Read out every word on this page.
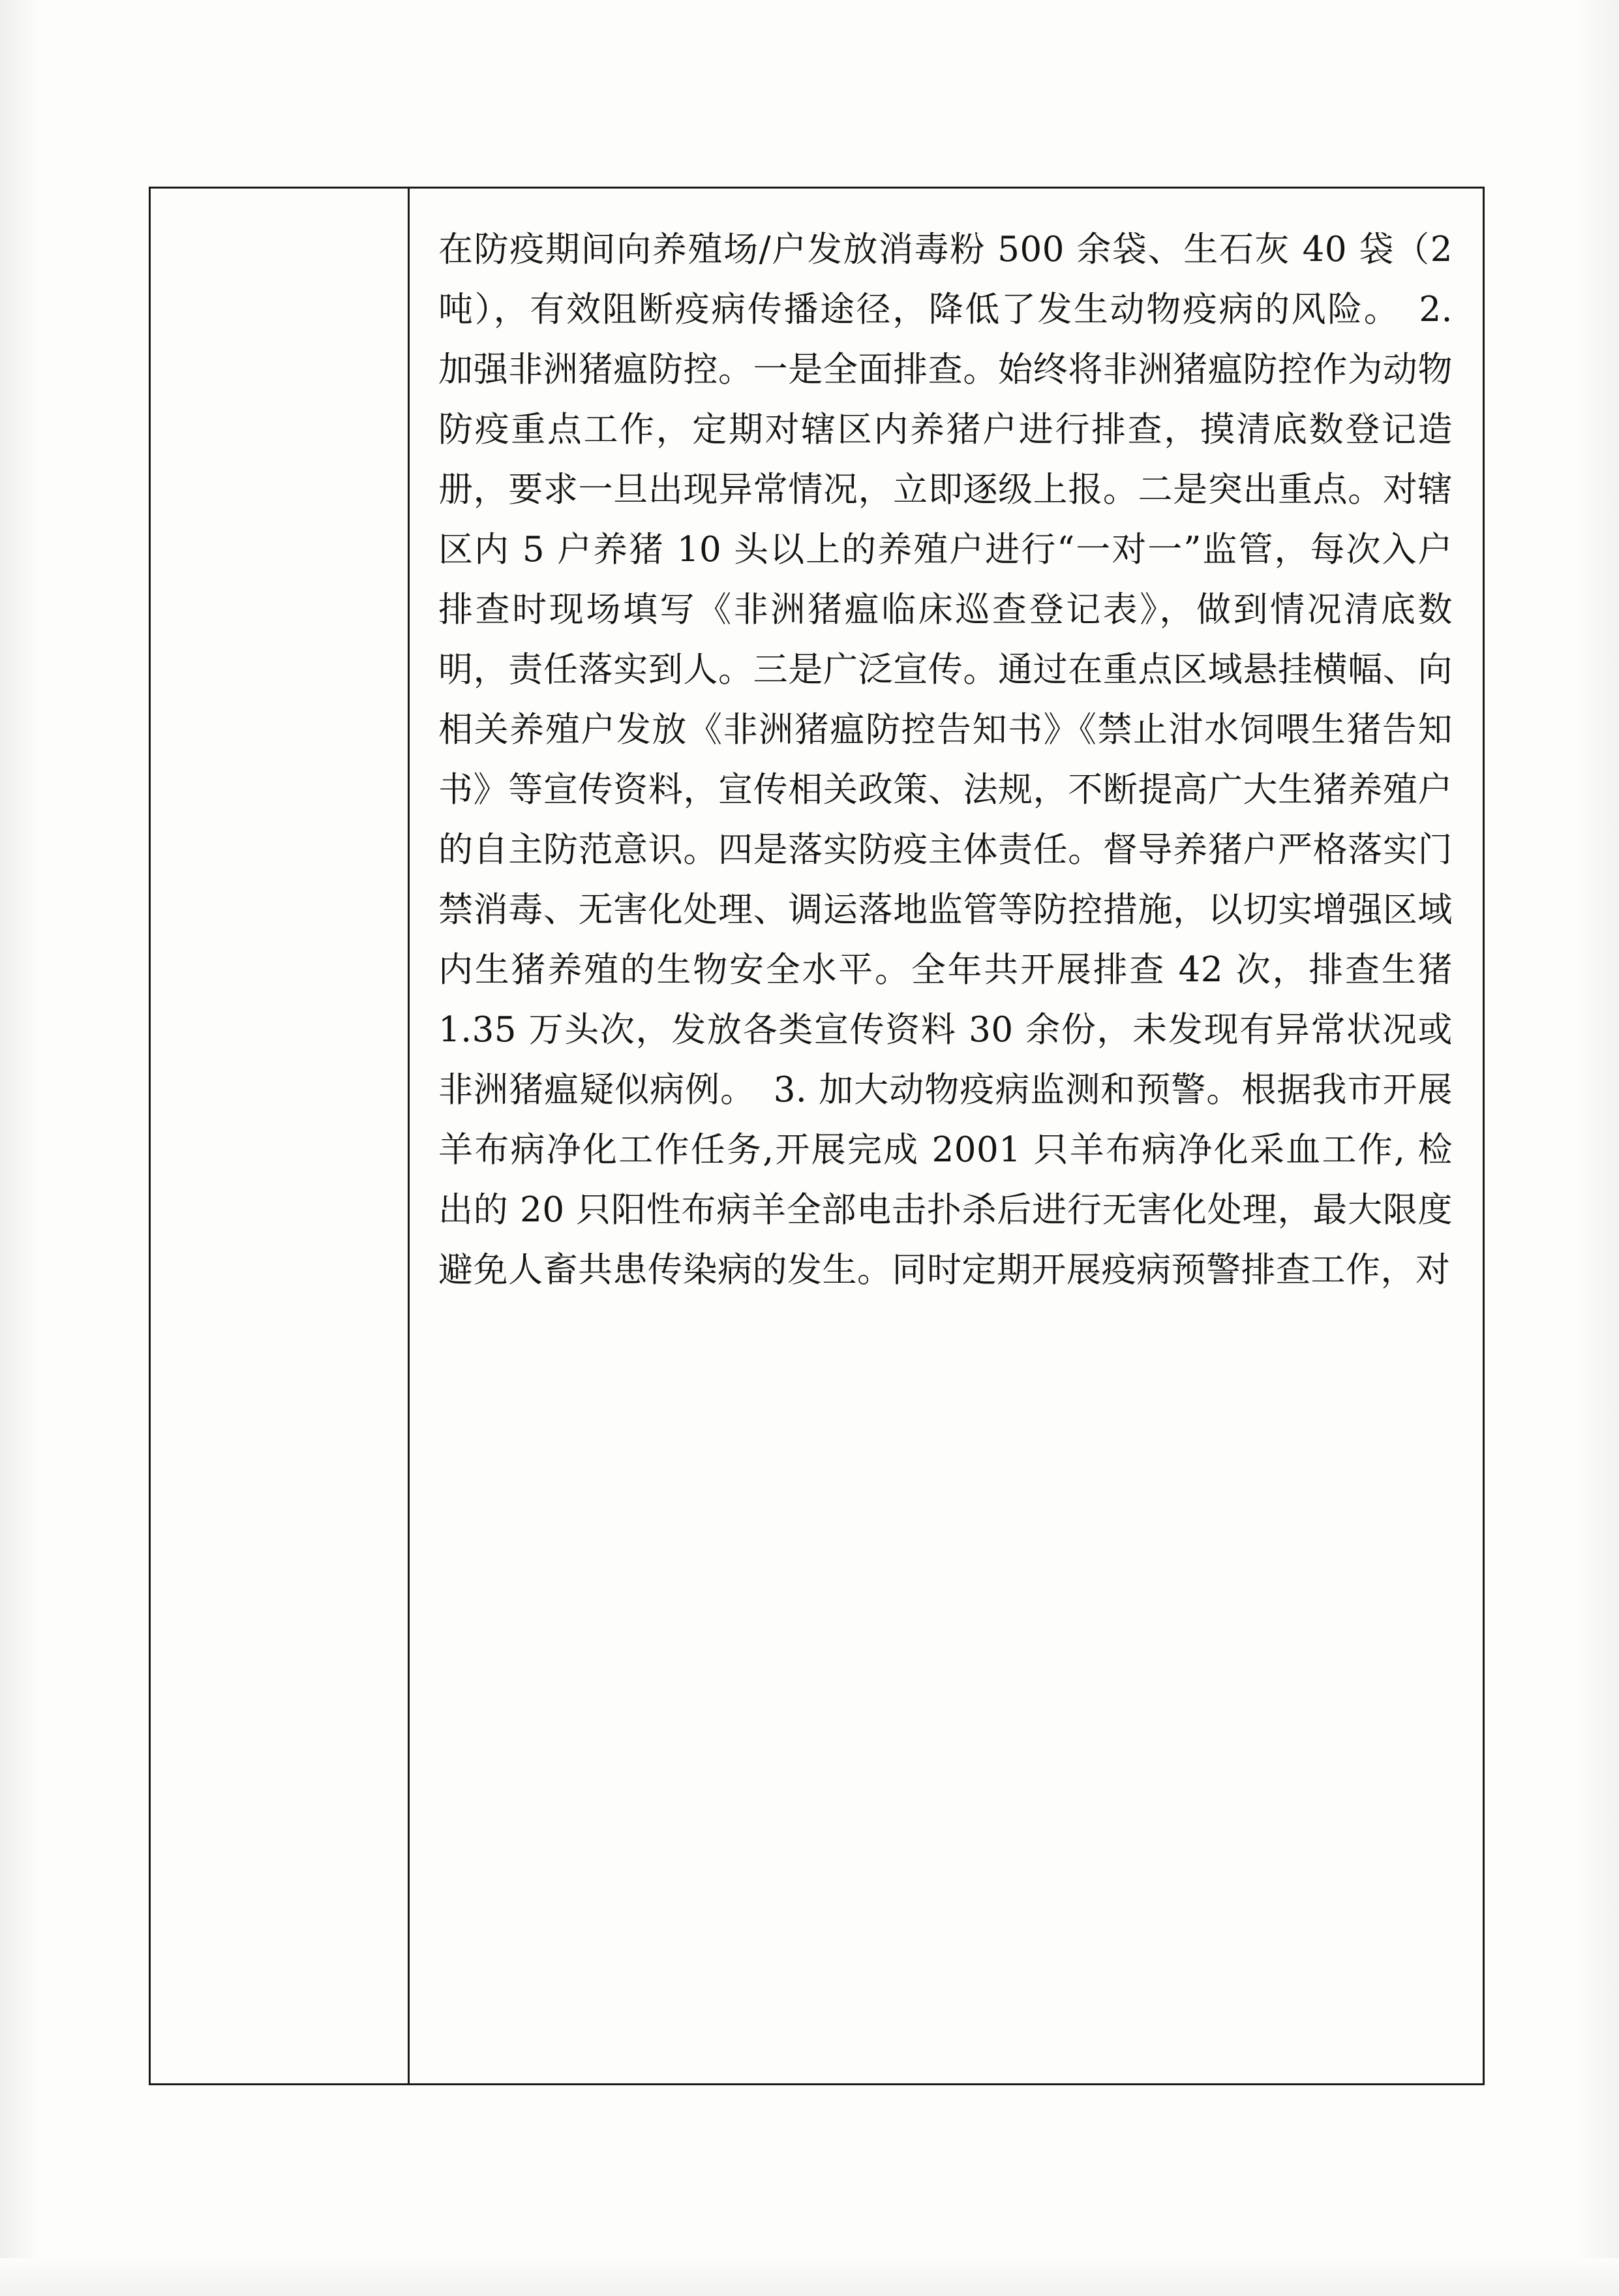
在防疫期间向养殖场/户发放消毒粉 500 余袋、生石灰 40 袋（2 吨），有效阻断疫病传播途径，降低了发生动物疫病的风险。　2. 加强非洲猪瘟防控。一是全面排查。始终将非洲猪瘟防控作为动物防疫重点工作，定期对辖区内养猪户进行排查，摸清底数登记造册，要求一旦出现异常情况，立即逐级上报。二是突出重点。对辖区内 5 户养猪 10 头以上的养殖户进行“一对一”监管，每次入户排查时现场填写《非洲猪瘟临床巡查登记表》，做到情况清底数明，责任落实到人。三是广泛宣传。通过在重点区域悬挂横幅、向相关养殖户发放《非洲猪瘟防控告知书》《禁止泔水饲喂生猪告知书》等宣传资料，宣传相关政策、法规，不断提高广大生猪养殖户的自主防范意识。四是落实防疫主体责任。督导养猪户严格落实门禁消毒、无害化处理、调运落地监管等防控措施，以切实增强区域内生猪养殖的生物安全水平。全年共开展排查 42 次，排查生猪 1.35 万头次，发放各类宣传资料 30 余份，未发现有异常状况或非洲猪瘟疑似病例。　3. 加大动物疫病监测和预警。根据我市开展羊布病净化工作任务,开展完成 2001 只羊布病净化采血工作, 检出的 20 只阳性布病羊全部电击扑杀后进行无害化处理，最大限度避免人畜共患传染病的发生。同时定期开展疫病预警排查工作，对
